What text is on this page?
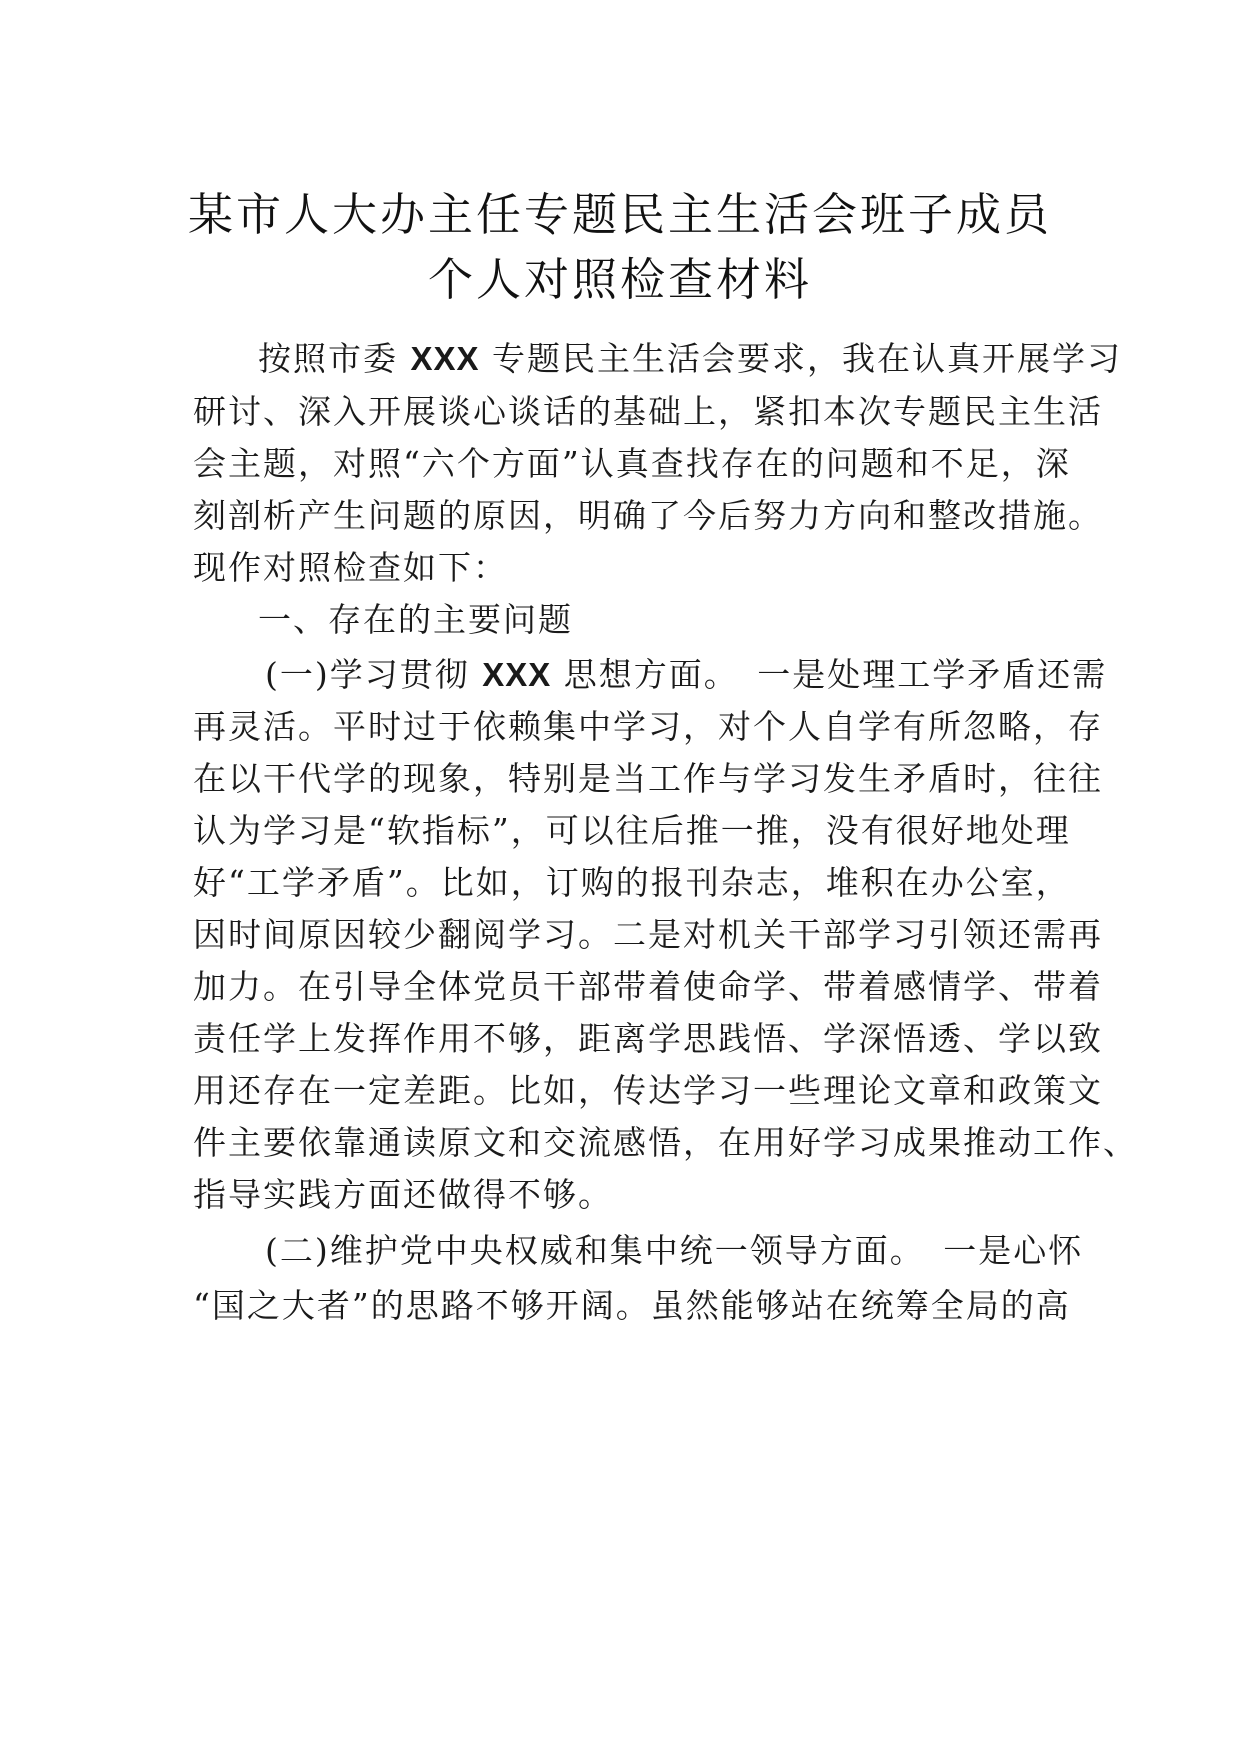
某市人大办主任专题民主生活会班子成员
个人对照检查材料
按照市委 XXX 专题民主生活会要求，我在认真开展学习
研讨、深入开展谈心谈话的基础上，紧扣本次专题民主生活
会主题，对照“六个方面”认真查找存在的问题和不足，深
刻剖析产生问题的原因，明确了今后努力方向和整改措施。
现作对照检查如下：
一、存在的主要问题
(一)学习贯彻 XXX 思想方面。　一是处理工学矛盾还需
再灵活。平时过于依赖集中学习，对个人自学有所忽略，存
在以干代学的现象，特别是当工作与学习发生矛盾时，往往
认为学习是“软指标”，可以往后推一推，没有很好地处理
好“工学矛盾”。比如，订购的报刊杂志，堆积在办公室，
因时间原因较少翻阅学习。二是对机关干部学习引领还需再
加力。在引导全体党员干部带着使命学、带着感情学、带着
责任学上发挥作用不够，距离学思践悟、学深悟透、学以致
用还存在一定差距。比如，传达学习一些理论文章和政策文
件主要依靠通读原文和交流感悟，在用好学习成果推动工作、
指导实践方面还做得不够。
(二)维护党中央权威和集中统一领导方面。　一是心怀
“国之大者”的思路不够开阔。虽然能够站在统筹全局的高
